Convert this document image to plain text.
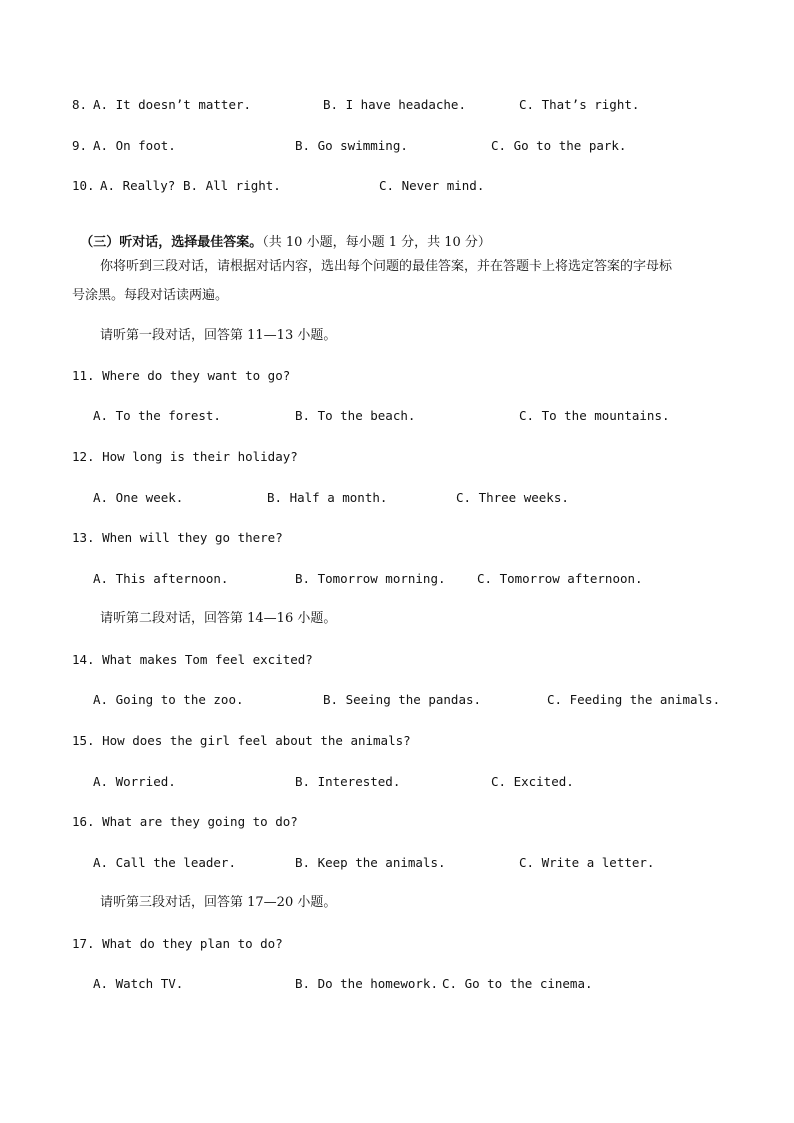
8.

A. It doesn’t matter.

	B. I have headache.

	C. That’s right.

9.

A. On foot.

	B. Go swimming.

	C. Go to the park.

10.

A. Really?

B. All right.

	C. Never mind.

（三）听对话，选择最佳答案。（共 10 小题，每小题 1 分，共 10 分）

你将听到三段对话，请根据对话内容，选出每个问题的最佳答案，并在答题卡上将选定答案的字母标
号涂黑。每段对话读两遍。
请听第一段对话，回答第 11—13 小题。
11. Where do they want to go?

A. To the forest.

	B. To the beach.

	C. To the mountains.

12. How long is their holiday?

A. One week.

	B. Half a month.

	C. Three weeks.

13. When will they go there?

A. This afternoon.

	B. Tomorrow morning.

	C. Tomorrow afternoon.

请听第二段对话，回答第 14—16 小题。
14. What makes Tom feel excited?

A. Going to the zoo.

	B. Seeing the pandas.

	C. Feeding the animals.

15. How does the girl feel about the animals?

A. Worried.

	B. Interested.

	C. Excited.

16. What are they going to do?

A. Call the leader.

	B. Keep the animals.

	C. Write a letter.

请听第三段对话，回答第 17—20 小题。
17. What do they plan to do?

A. Watch TV.

	B. Do the homework.

C. Go to the cinema.
